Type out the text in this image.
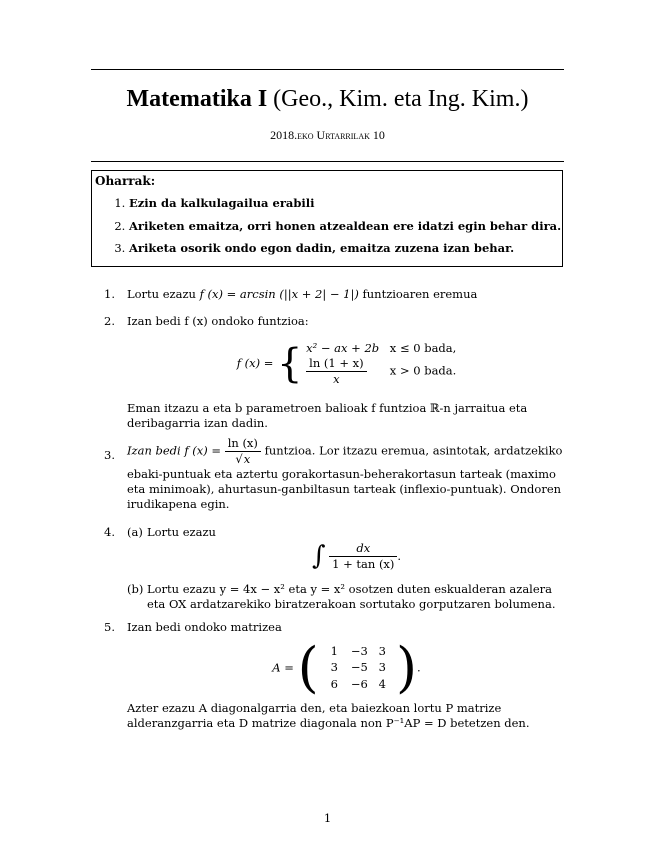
Matematika I (Geo., Kim. eta Ing. Kim.)
2018.eko Urtarrilak 10
Oharrak:
1. Ezin da kalkulagailua erabili
2. Ariketen emaitza, orri honen atzealdean ere idatzi egin behar dira.
3. Ariketa osorik ondo egon dadin, emaitza zuzena izan behar.
1. Lortu ezazu f (x) = arcsin (||x + 2| − 1|) funtzioaren eremua
2. Izan bedi f (x) ondoko funtzioa:
f (x) = { x² − ax + 2b x ≤ 0 bada,
$\frac{\ln (1 + x)}{x}$ x > 0 bada.
Eman itzazu a eta b parametroen balioak f funtzioa ℝ-n jarraitua eta deribagarria izan dadin.
3. Izan bedi f $(x) = \frac{\ln (x)}{√x}$ funtzioa. Lor itzazu eremua, asintotak, ardatzekiko
ebaki-puntuak eta aztertu gorakortasun-beherakortasun tarteak (maximo eta minimoak), ahurtasun-ganbiltasun tarteak (inflexio-puntuak). Ondoren irudikapena egin.
4. (a) Lortu ezazu
∫ $\frac{dx}{1 + \tan (x)}$ .
(b) Lortu ezazu y = 4x − x² eta y = x² osotzen duten eskualderan azalera eta OX ardatzarekiko biratzerakoan sortutako gorputzaren bolumena.
5. Izan bedi ondoko matrizea
A = (	1	−3 3
3	−5 3
6	−6 4 ).
Azter ezazu A diagonalgarria den, eta baiezkoan lortu P matrize alderanzgarria eta D matrize diagonala non P⁻¹AP = D betetzen den.
1
